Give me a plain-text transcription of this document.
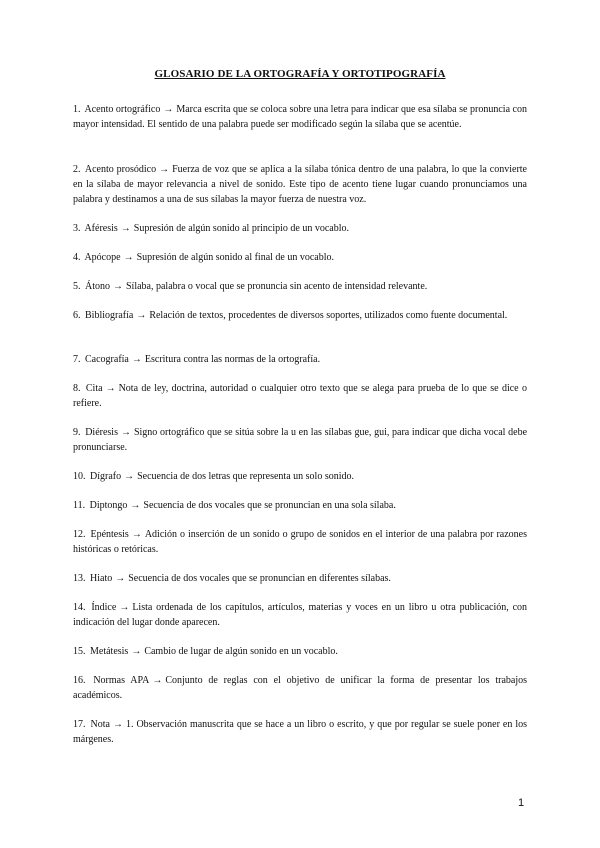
GLOSARIO DE LA ORTOGRAFÍA Y ORTOTIPOGRAFÍA

1. Acento ortográfico → Marca escrita que se coloca sobre una letra para indicar que esa sílaba se pronuncia con mayor intensidad. El sentido de una palabra puede ser modificado según la sílaba que se acentúe.

2. Acento prosódico → Fuerza de voz que se aplica a la sílaba tónica dentro de una palabra, lo que la convierte en la sílaba de mayor relevancia a nivel de sonido. Este tipo de acento tiene lugar cuando pronunciamos una palabra y destinamos a una de sus sílabas la mayor fuerza de nuestra voz.

3. Aféresis → Supresión de algún sonido al principio de un vocablo.

4. Apócope → Supresión de algún sonido al final de un vocablo.

5. Átono → Sílaba, palabra o vocal que se pronuncia sin acento de intensidad relevante.

6. Bibliografía → Relación de textos, procedentes de diversos soportes, utilizados como fuente documental.

7. Cacografía → Escritura contra las normas de la ortografía.

8. Cita → Nota de ley, doctrina, autoridad o cualquier otro texto que se alega para prueba de lo que se dice o refiere.

9. Diéresis → Signo ortográfico que se sitúa sobre la u en las sílabas gue, gui, para indicar que dicha vocal debe pronunciarse.

10. Dígrafo → Secuencia de dos letras que representa un solo sonido.

11. Diptongo → Secuencia de dos vocales que se pronuncian en una sola sílaba.

12. Epéntesis → Adición o inserción de un sonido o grupo de sonidos en el interior de una palabra por razones históricas o retóricas.

13. Hiato → Secuencia de dos vocales que se pronuncian en diferentes sílabas.

14. Índice → Lista ordenada de los capítulos, artículos, materias y voces en un libro u otra publicación, con indicación del lugar donde aparecen.

15. Metátesis → Cambio de lugar de algún sonido en un vocablo.

16. Normas APA → Conjunto de reglas con el objetivo de unificar la forma de presentar los trabajos académicos.

17. Nota → 1. Observación manuscrita que se hace a un libro o escrito, y que por regular se suele poner en los márgenes.

1
